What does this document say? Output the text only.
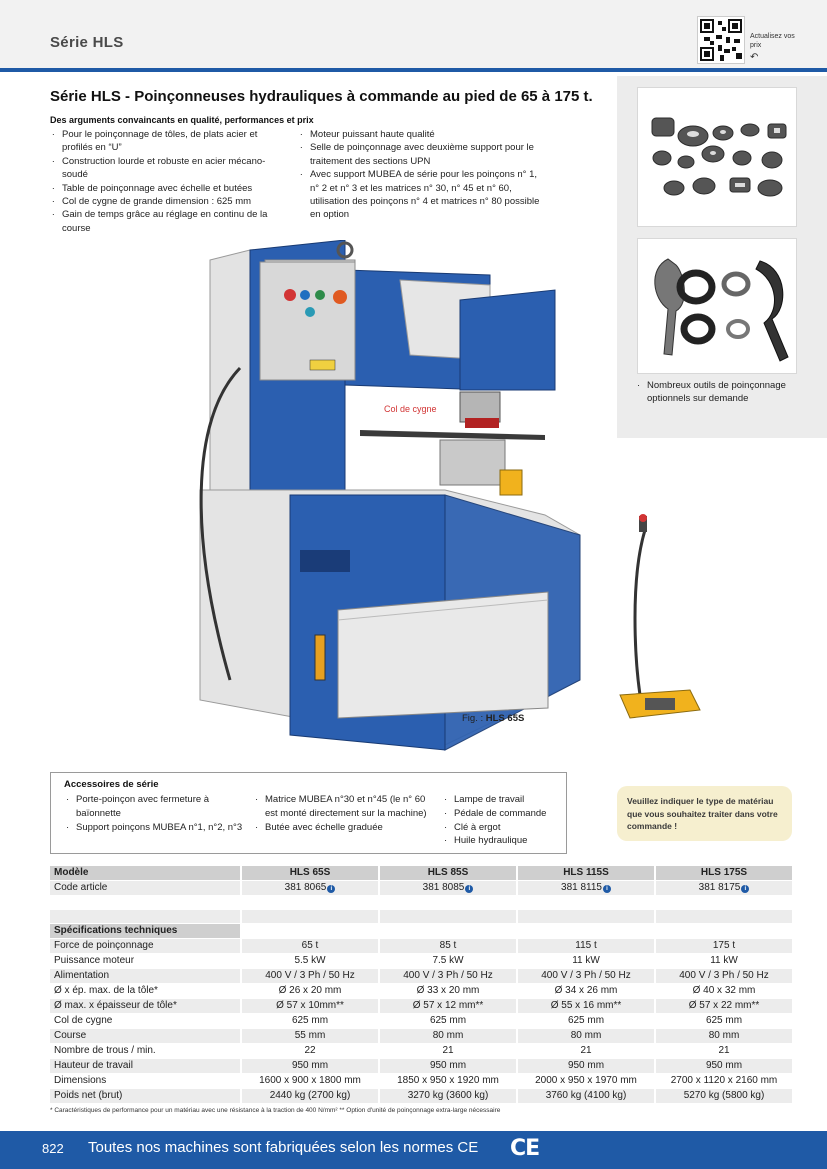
Série HLS	Actualisez vos prix
↶
Série HLS - Poinçonneuses hydrauliques à commande au pied de 65 à 175 t.
Des arguments convaincants en qualité, performances et prix
. Pour le poinçonnage de tôles, de plats acier et profilés en “U”
. Construction lourde et robuste en acier mécano-soudé
. Table de poinçonnage avec échelle et butées
. Col de cygne de grande dimension : 625 mm
. Gain de temps grâce au réglage en continu de la course
. Moteur puissant haute qualité
. Selle de poinçonnage avec deuxième support pour le traitement des sections UPN
. Avec support MUBEA de série pour les poinçons n° 1, n° 2 et n° 3 et les matrices n° 30, n° 45 et n° 60, utilisation des poinçons n° 4 et matrices n° 80 possible en option
· Nombreux outils de poinçonnage optionnels sur demande
Col de cygne
Fig. : HLS 65S
Accessoires de série
· Porte-poinçon avec fermeture à baïonnette
· Support poinçons MUBEA n°1, n°2, n°3
· Matrice MUBEA n°30 et n°45 (le n° 60 est monté directement sur la machine)
· Butée avec échelle graduée
· Lampe de travail
· Pédale de commande
· Clé à ergot
· Huile hydraulique
Veuillez indiquer le type de matériau que vous souhaitez traiter dans votre commande !
Modèle	HLS 65S	HLS 85S	HLS 115S	HLS 175S
Code article	381 8065 i	381 8085 i	381 8115 i	381 8175 i

Spécifications techniques				
Force de poinçonnage	65 t	85 t	115 t	175 t
Puissance moteur	5.5 kW	7.5 kW	11 kW	11 kW
Alimentation	400 V / 3 Ph / 50 Hz	400 V / 3 Ph / 50 Hz	400 V / 3 Ph / 50 Hz	400 V / 3 Ph / 50 Hz
Ø x ép. max. de la tôle*	Ø 26 x 20 mm	Ø 33 x 20 mm	Ø 34 x 26 mm	Ø 40 x 32 mm
Ø max. x épaisseur de tôle*	Ø 57 x 10mm**	Ø 57 x 12 mm**	Ø 55 x 16 mm**	Ø 57 x 22 mm**
Col de cygne	625 mm	625 mm	625 mm	625 mm
Course	55 mm	80 mm	80 mm	80 mm
Nombre de trous / min.	22	21	21	21
Hauteur de travail	950 mm	950 mm	950 mm	950 mm
Dimensions	1600 x 900 x 1800 mm	1850 x 950 x 1920 mm	2000 x 950 x 1970 mm	2700 x 1120 x 2160 mm
Poids net (brut)	2440 kg (2700 kg)	3270 kg (3600 kg)	3760 kg (4100 kg)	5270 kg (5800 kg)
* Caractéristiques de performance pour un matériau avec une résistance à la traction de 400 N/mm² ** Option d'unité de poinçonnage extra-large nécessaire
822 Toutes nos machines sont fabriquées selon les normes CE CE
